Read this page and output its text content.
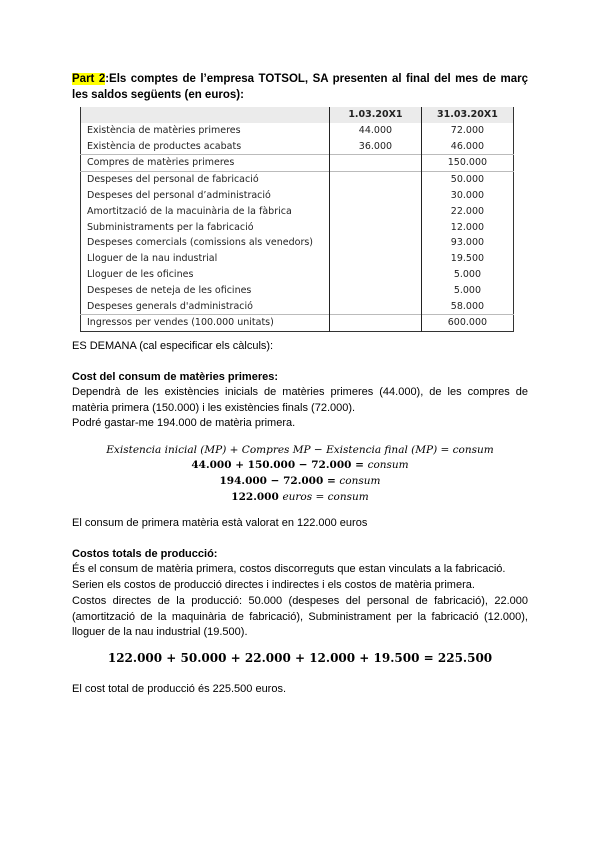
Part 2:Els comptes de l’empresa TOTSOL, SA presenten al final del mes de març les saldos següents (en euros):
	1.03.20X1	31.03.20X1
Existència de matèries primeres	44.000	72.000
Existència de productes acabats	36.000	46.000
Compres de matèries primeres		150.000
Despeses del personal de fabricació		50.000
Despeses del personal d’administració		30.000
Amortització de la macuinària de la fàbrica		22.000
Subministraments per la fabricació		12.000
Despeses comercials (comissions als venedors)		93.000
Lloguer de la nau industrial		19.500
Lloguer de les oficines		5.000
Despeses de neteja de les oficines		5.000
Despeses generals d'administració		58.000
Ingressos per vendes (100.000 unitats)		600.000
ES DEMANA (cal especificar els càlculs):
Cost del consum de matèries primeres:
Dependrà de les existències inicials de matèries primeres (44.000), de les compres de matèria primera (150.000) i les existències finals (72.000).
Podré gastar-me 194.000 de matèria primera.
Existencia inicial (MP) + Compres MP − Existencia final (MP) = consum
44.000 + 150.000 − 72.000 = consum
194.000 − 72.000 = consum
122.000 euros = consum
El consum de primera matèria està valorat en 122.000 euros
Costos totals de producció:
És el consum de matèria primera, costos discorreguts que estan vinculats a la fabricació.
Serien els costos de producció directes i indirectes i els costos de matèria primera.
Costos directes de la producció: 50.000 (despeses del personal de fabricació), 22.000 (amortització de la maquinària de fabricació), Subministrament per la fabricació (12.000), lloguer de la nau industrial (19.500).
122.000 + 50.000 + 22.000 + 12.000 + 19.500 = 225.500
El cost total de producció és 225.500 euros.
